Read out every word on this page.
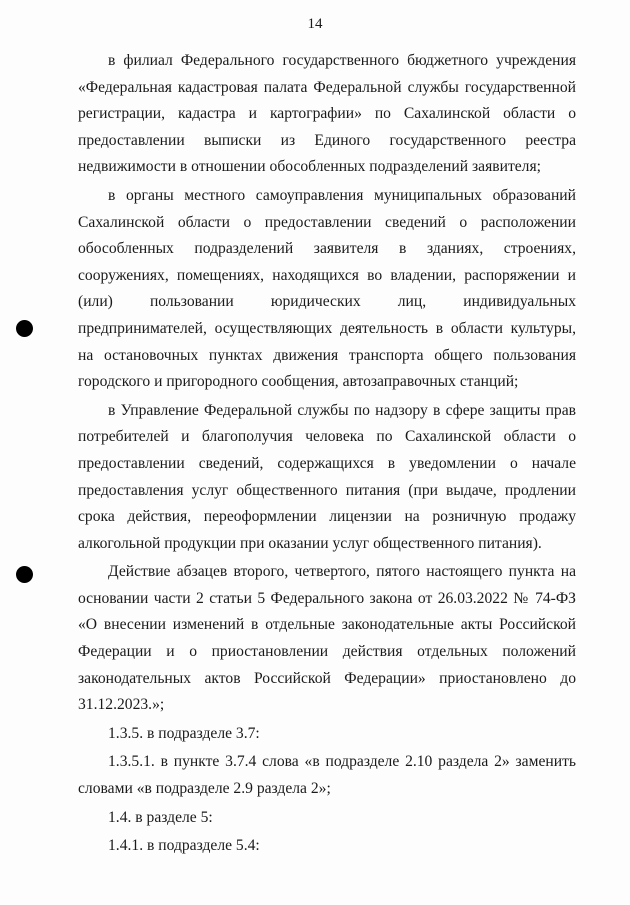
14

в филиал Федерального государственного бюджетного учреждения «Федеральная кадастровая палата Федеральной службы государственной регистрации, кадастра и картографии» по Сахалинской области о предоставлении выписки из Единого государственного реестра недвижимости в отношении обособленных подразделений заявителя;

в органы местного самоуправления муниципальных образований Сахалинской области о предоставлении сведений о расположении обособленных подразделений заявителя в зданиях, строениях, сооружениях, помещениях, находящихся во владении, распоряжении и (или) пользовании юридических лиц, индивидуальных предпринимателей, осуществляющих деятельность в области культуры, на остановочных пунктах движения транспорта общего пользования городского и пригородного сообщения, автозаправочных станций;

в Управление Федеральной службы по надзору в сфере защиты прав потребителей и благополучия человека по Сахалинской области о предоставлении сведений, содержащихся в уведомлении о начале предоставления услуг общественного питания (при выдаче, продлении срока действия, переоформлении лицензии на розничную продажу алкогольной продукции при оказании услуг общественного питания).

Действие абзацев второго, четвертого, пятого настоящего пункта на основании части 2 статьи 5 Федерального закона от 26.03.2022 № 74-ФЗ «О внесении изменений в отдельные законодательные акты Российской Федерации и о приостановлении действия отдельных положений законодательных актов Российской Федерации» приостановлено до 31.12.2023.»;

1.3.5. в подразделе 3.7:

1.3.5.1. в пункте 3.7.4 слова «в подразделе 2.10 раздела 2» заменить словами «в подразделе 2.9 раздела 2»;

1.4. в разделе 5:

1.4.1. в подразделе 5.4:
